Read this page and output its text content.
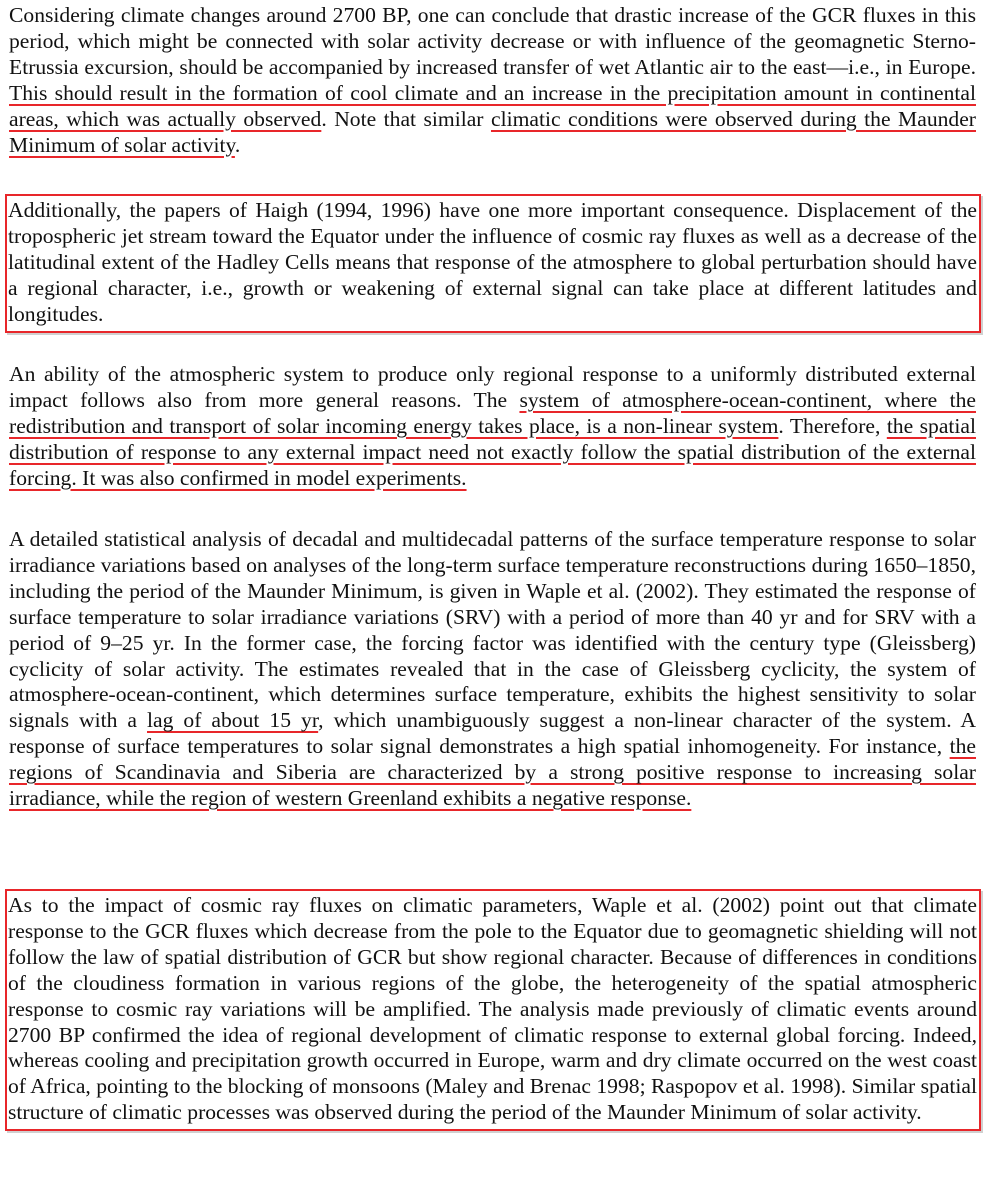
Considering climate changes around 2700 BP, one can conclude that drastic increase of the GCR fluxes in this period, which might be connected with solar activity decrease or with influence of the geomagnetic Sterno-Etrussia excursion, should be accompanied by increased transfer of wet Atlantic air to the east—i.e., in Europe. This should result in the formation of cool climate and an increase in the precipitation amount in continental areas, which was actually observed. Note that similar climatic conditions were observed during the Maunder Minimum of solar activity.

Additionally, the papers of Haigh (1994, 1996) have one more important consequence. Displacement of the tropospheric jet stream toward the Equator under the influence of cosmic ray fluxes as well as a decrease of the latitudinal extent of the Hadley Cells means that response of the atmosphere to global perturbation should have a regional character, i.e., growth or weakening of external signal can take place at different latitudes and longitudes.

An ability of the atmospheric system to produce only regional response to a uniformly distributed external impact follows also from more general reasons. The system of atmosphere-ocean-continent, where the redistribution and transport of solar incoming energy takes place, is a non-linear system. Therefore, the spatial distribution of response to any external impact need not exactly follow the spatial distribution of the external forcing. It was also confirmed in model experiments.

A detailed statistical analysis of decadal and multidecadal patterns of the surface temperature response to solar irradiance variations based on analyses of the long-term surface temperature reconstructions during 1650–1850, including the period of the Maunder Minimum, is given in Waple et al. (2002). They estimated the response of surface temperature to solar irradiance variations (SRV) with a period of more than 40 yr and for SRV with a period of 9–25 yr. In the former case, the forcing factor was identified with the century type (Gleissberg) cyclicity of solar activity. The estimates revealed that in the case of Gleissberg cyclicity, the system of atmosphere-ocean-continent, which determines surface temperature, exhibits the highest sensitivity to solar signals with a lag of about 15 yr, which unambiguously suggest a non-linear character of the system. A response of surface temperatures to solar signal demonstrates a high spatial inhomogeneity. For instance, the regions of Scandinavia and Siberia are characterized by a strong positive response to increasing solar irradiance, while the region of western Greenland exhibits a negative response.

As to the impact of cosmic ray fluxes on climatic parameters, Waple et al. (2002) point out that climate response to the GCR fluxes which decrease from the pole to the Equator due to geomagnetic shielding will not follow the law of spatial distribution of GCR but show regional character. Because of differences in conditions of the cloudiness formation in various regions of the globe, the heterogeneity of the spatial atmospheric response to cosmic ray variations will be amplified. The analysis made previously of climatic events around 2700 BP confirmed the idea of regional development of climatic response to external global forcing. Indeed, whereas cooling and precipitation growth occurred in Europe, warm and dry climate occurred on the west coast of Africa, pointing to the blocking of monsoons (Maley and Brenac 1998; Raspopov et al. 1998). Similar spatial structure of climatic processes was observed during the period of the Maunder Minimum of solar activity.
